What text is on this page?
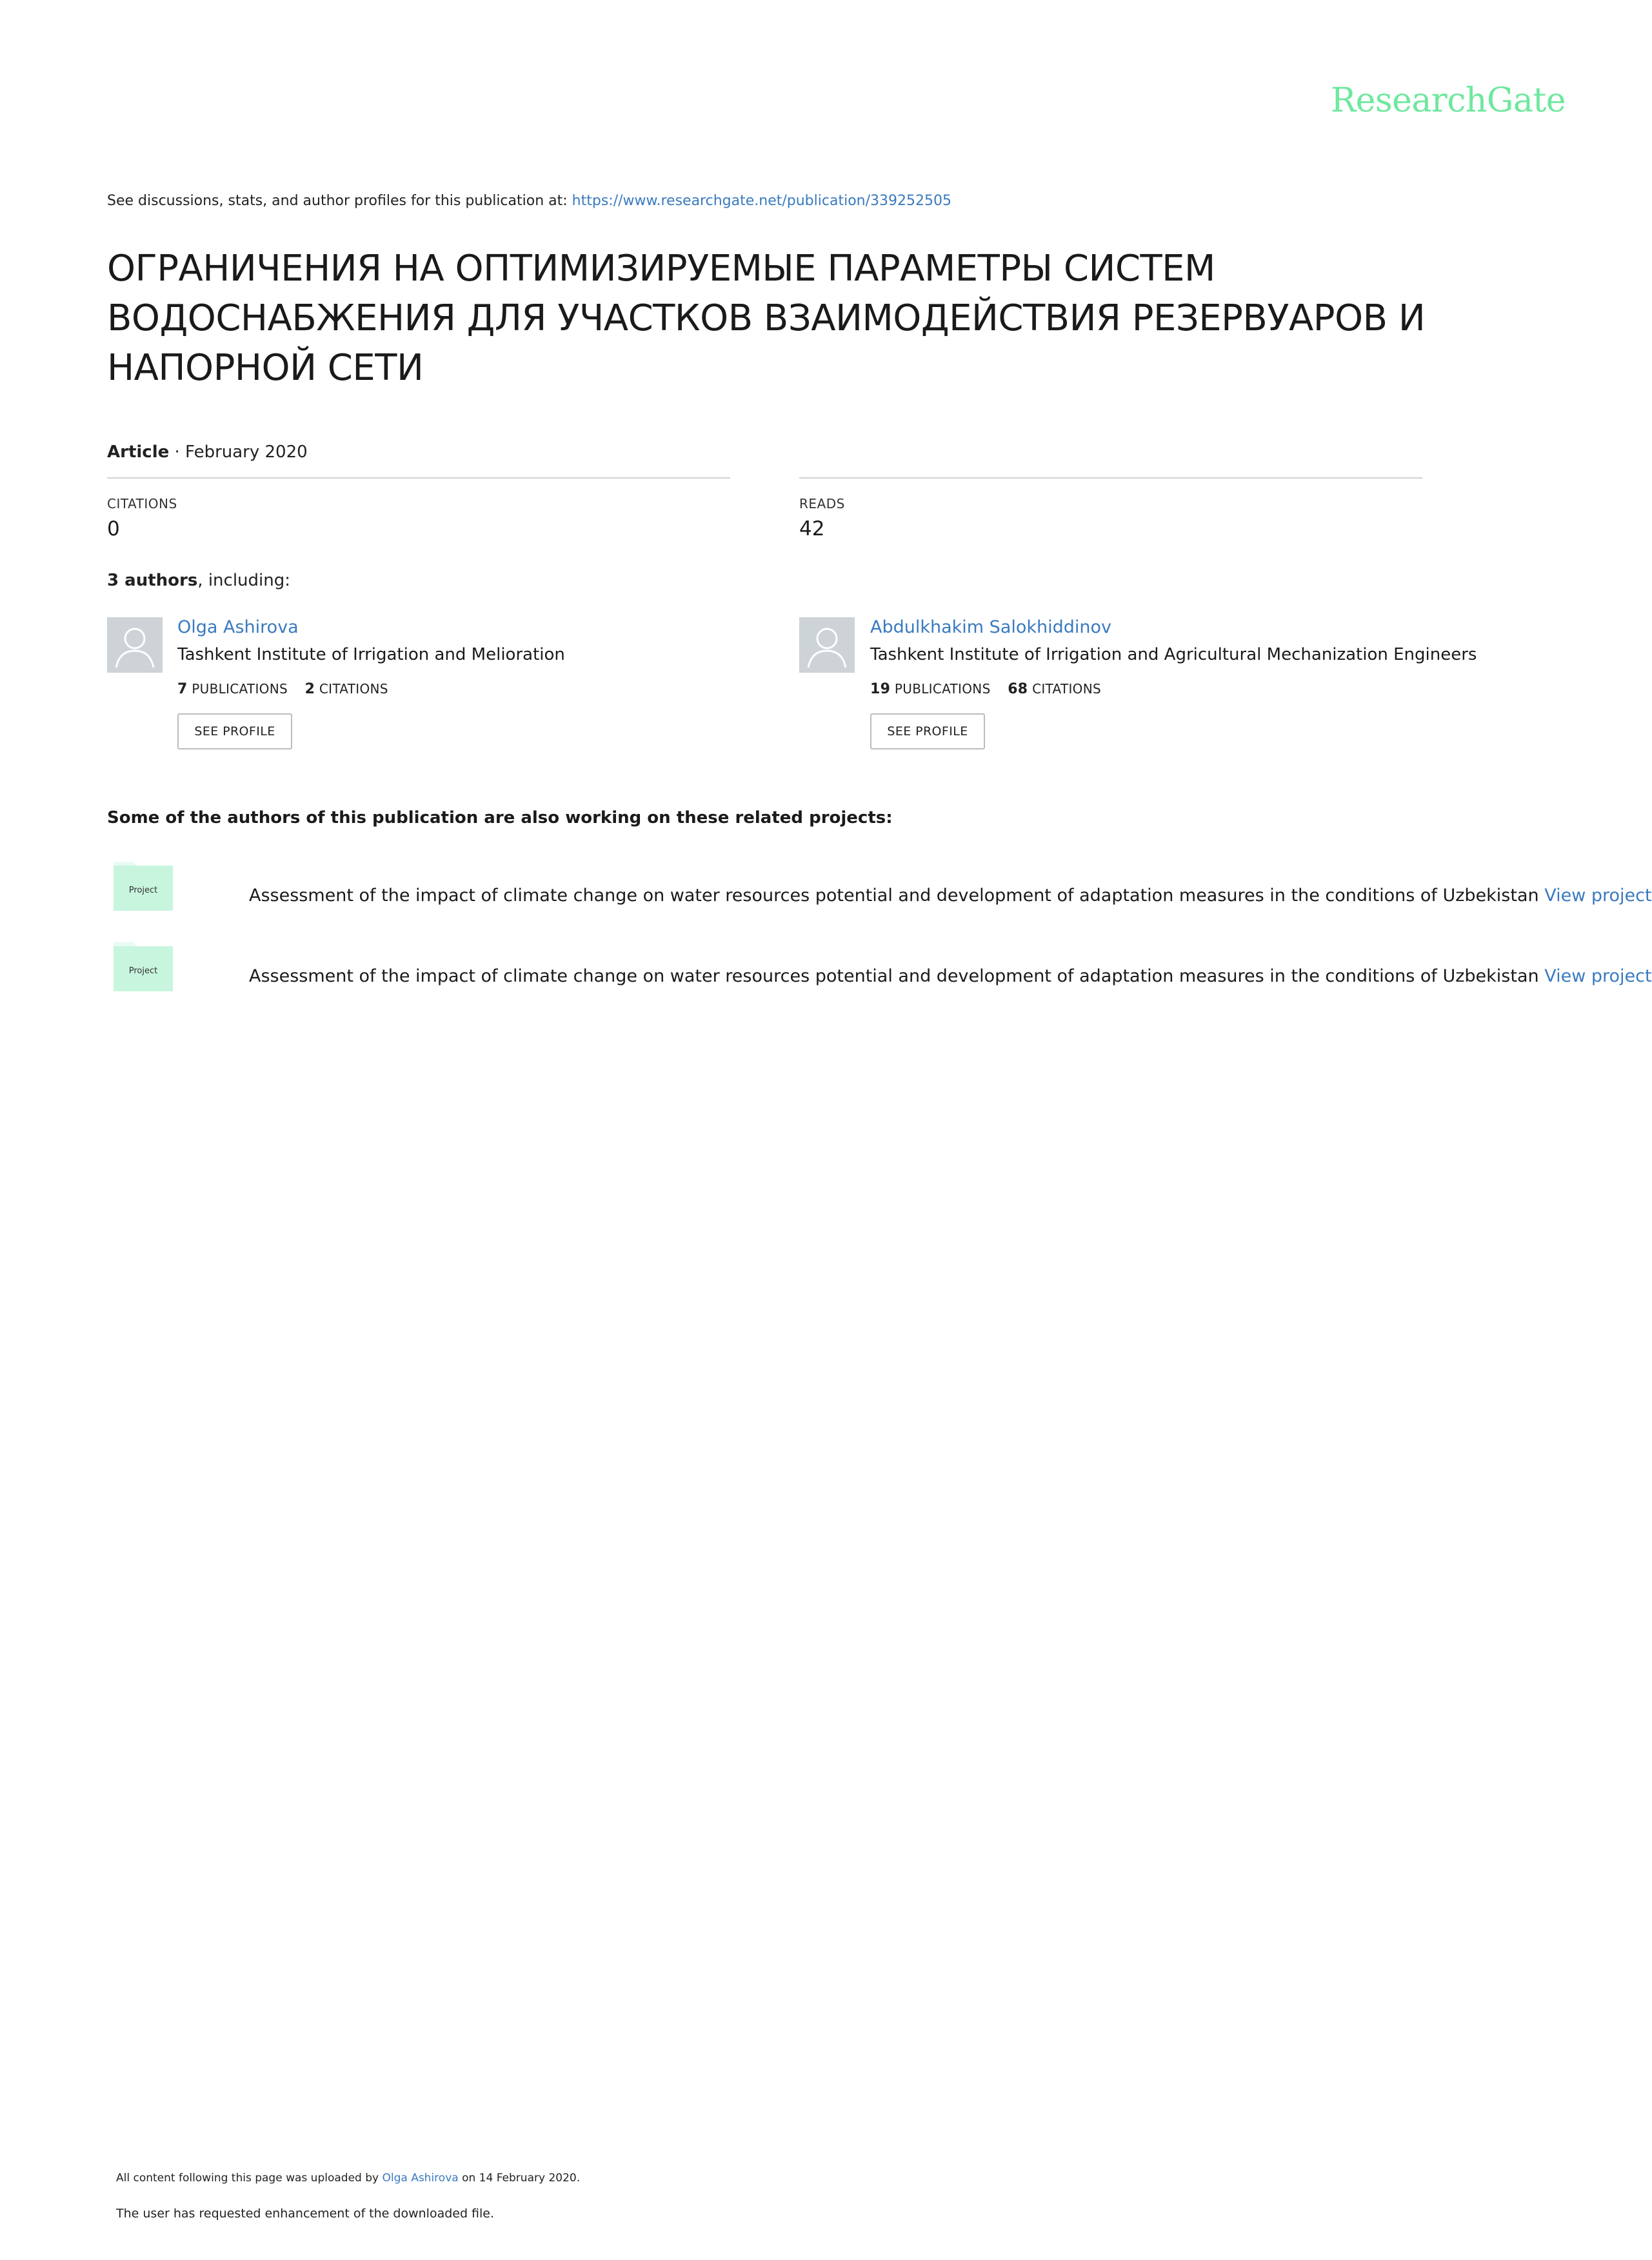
ResearchGate
See discussions, stats, and author profiles for this publication at: https://www.researchgate.net/publication/339252505
ОГРАНИЧЕНИЯ НА ОПТИМИЗИРУЕМЫЕ ПАРАМЕТРЫ СИСТЕМ ВОДОСНАБЖЕНИЯ ДЛЯ УЧАСТКОВ ВЗАИМОДЕЙСТВИЯ РЕЗЕРВУАРОВ И НАПОРНОЙ СЕТИ
Article · February 2020
CITATIONS
0
READS
42
3 authors, including:
Olga Ashirova
Tashkent Institute of Irrigation and Melioration
7 PUBLICATIONS 2 CITATIONS
SEE PROFILE
Abdulkhakim Salokhiddinov
Tashkent Institute of Irrigation and Agricultural Mechanization Engineers
19 PUBLICATIONS 68 CITATIONS
SEE PROFILE
Some of the authors of this publication are also working on these related projects:
Project	Assessment of the impact of climate change on water resources potential and development of adaptation measures in the conditions of Uzbekistan View project
Project	Assessment of the impact of climate change on water resources potential and development of adaptation measures in the conditions of Uzbekistan View project
All content following this page was uploaded by Olga Ashirova on 14 February 2020.
The user has requested enhancement of the downloaded file.
